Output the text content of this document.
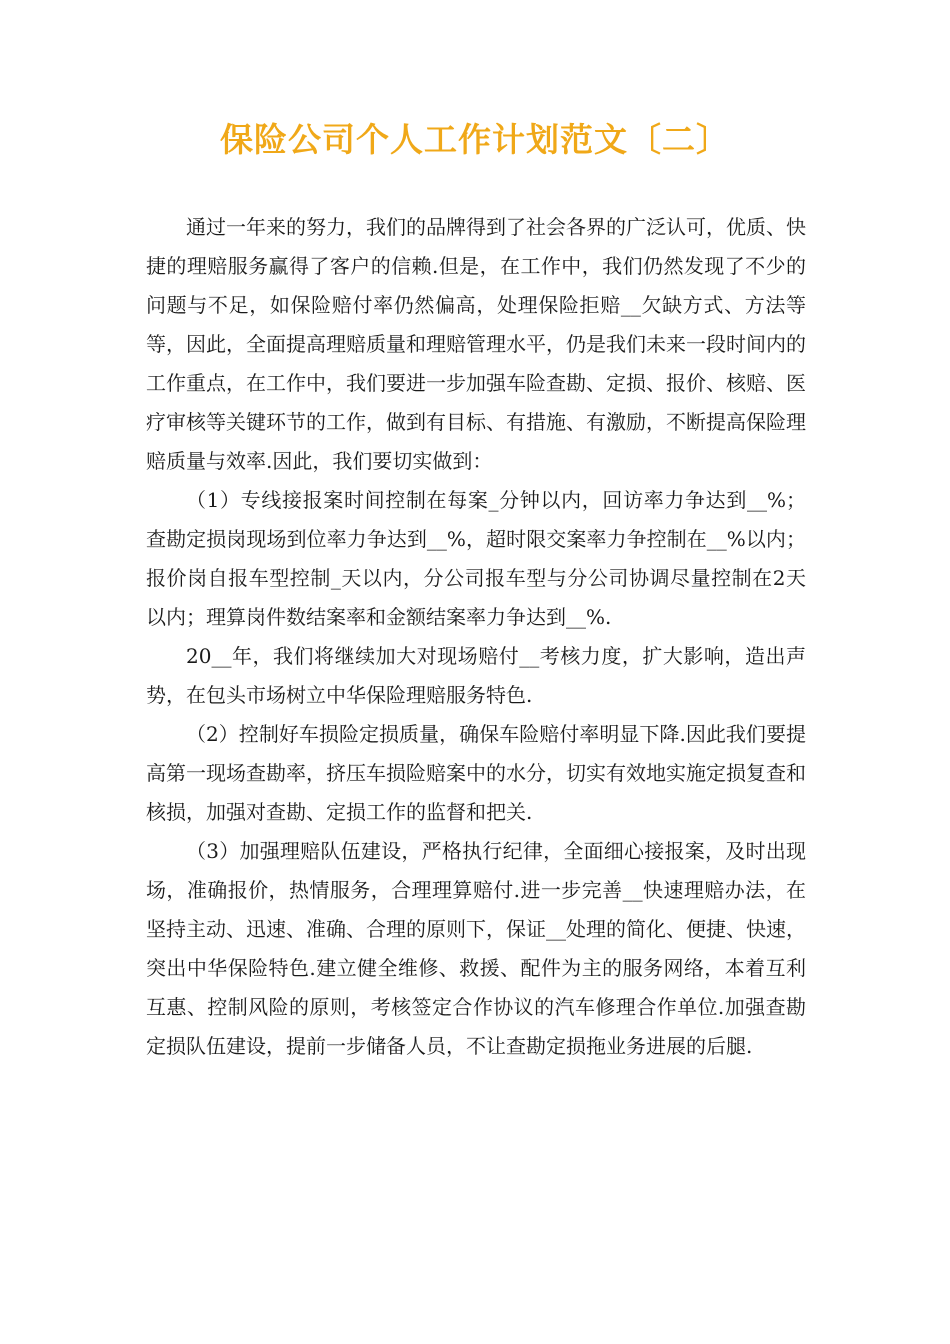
保险公司个人工作计划范文〔二〕

通过一年来的努力，我们的品牌得到了社会各界的广泛认可，优质、快捷的理赔服务赢得了客户的信赖.但是，在工作中，我们仍然发现了不少的问题与不足，如保险赔付率仍然偏高，处理保险拒赔__欠缺方式、方法等等，因此，全面提高理赔质量和理赔管理水平，仍是我们未来一段时间内的工作重点，在工作中，我们要进一步加强车险查勘、定损、报价、核赔、医疗审核等关键环节的工作，做到有目标、有措施、有激励，不断提高保险理赔质量与效率.因此，我们要切实做到：

（1）专线接报案时间控制在每案_分钟以内，回访率力争达到__%；查勘定损岗现场到位率力争达到__%，超时限交案率力争控制在__%以内；报价岗自报车型控制_天以内，分公司报车型与分公司协调尽量控制在2天以内；理算岗件数结案率和金额结案率力争达到__%.

20__年，我们将继续加大对现场赔付__考核力度，扩大影响，造出声势，在包头市场树立中华保险理赔服务特色.

（2）控制好车损险定损质量，确保车险赔付率明显下降.因此我们要提高第一现场查勘率，挤压车损险赔案中的水分，切实有效地实施定损复查和核损，加强对查勘、定损工作的监督和把关.

（3）加强理赔队伍建设，严格执行纪律，全面细心接报案，及时出现场，准确报价，热情服务，合理理算赔付.进一步完善__快速理赔办法，在坚持主动、迅速、准确、合理的原则下，保证__处理的简化、便捷、快速，突出中华保险特色.建立健全维修、救援、配件为主的服务网络，本着互利互惠、控制风险的原则，考核签定合作协议的汽车修理合作单位.加强查勘定损队伍建设，提前一步储备人员，不让查勘定损拖业务进展的后腿.
